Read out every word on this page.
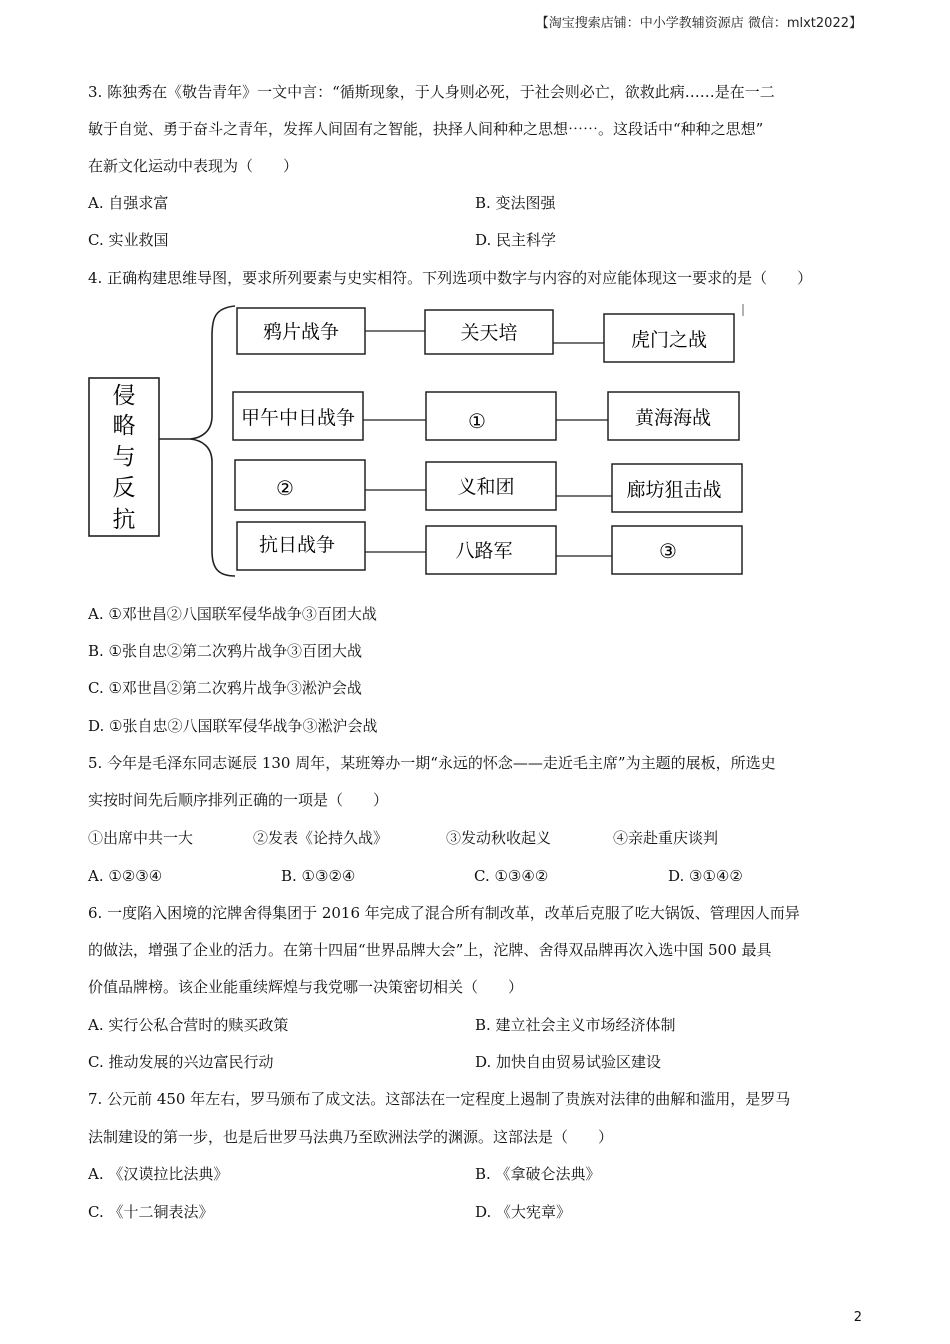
【淘宝搜索店铺：中小学教辅资源店 微信：mlxt2022】
3. 陈独秀在《敬告青年》一文中言：“循斯现象，于人身则必死，于社会则必亡，欲救此病……是在一二
敏于自觉、勇于奋斗之青年，发挥人间固有之智能，抉择人间种种之思想⋯⋯。这段话中“种种之思想”
在新文化运动中表现为（　　）
A. 自强求富	B. 变法图强
C. 实业救国	D. 民主科学
4. 正确构建思维导图，要求所列要素与史实相符。下列选项中数字与内容的对应能体现这一要求的是（　　）
侵
略
与
反
抗
鸦片战争	关天培	虎门之战
甲午中日战争	①	黄海海战
②	义和团	廊坊狙击战
抗日战争	八路军	③
A. ①邓世昌②八国联军侵华战争③百团大战
B. ①张自忠②第二次鸦片战争③百团大战
C. ①邓世昌②第二次鸦片战争③淞沪会战
D. ①张自忠②八国联军侵华战争③淞沪会战
5. 今年是毛泽东同志诞辰 130 周年，某班筹办一期“永远的怀念——走近毛主席”为主题的展板，所选史
实按时间先后顺序排列正确的一项是（　　）
①出席中共一大	②发表《论持久战》	③发动秋收起义	④亲赴重庆谈判
A. ①②③④	B. ①③②④	C. ①③④②	D. ③①④②
6. 一度陷入困境的沱牌舍得集团于 2016 年完成了混合所有制改革，改革后克服了吃大锅饭、管理因人而异
的做法，增强了企业的活力。在第十四届“世界品牌大会”上，沱牌、舍得双品牌再次入选中国 500 最具
价值品牌榜。该企业能重续辉煌与我党哪一决策密切相关（　　）
A. 实行公私合营时的赎买政策	B. 建立社会主义市场经济体制
C. 推动发展的兴边富民行动	D. 加快自由贸易试验区建设
7. 公元前 450 年左右，罗马颁布了成文法。这部法在一定程度上遏制了贵族对法律的曲解和滥用，是罗马
法制建设的第一步，也是后世罗马法典乃至欧洲法学的渊源。这部法是（　　）
A. 《汉谟拉比法典》	B. 《拿破仑法典》
C. 《十二铜表法》	D. 《大宪章》
2
